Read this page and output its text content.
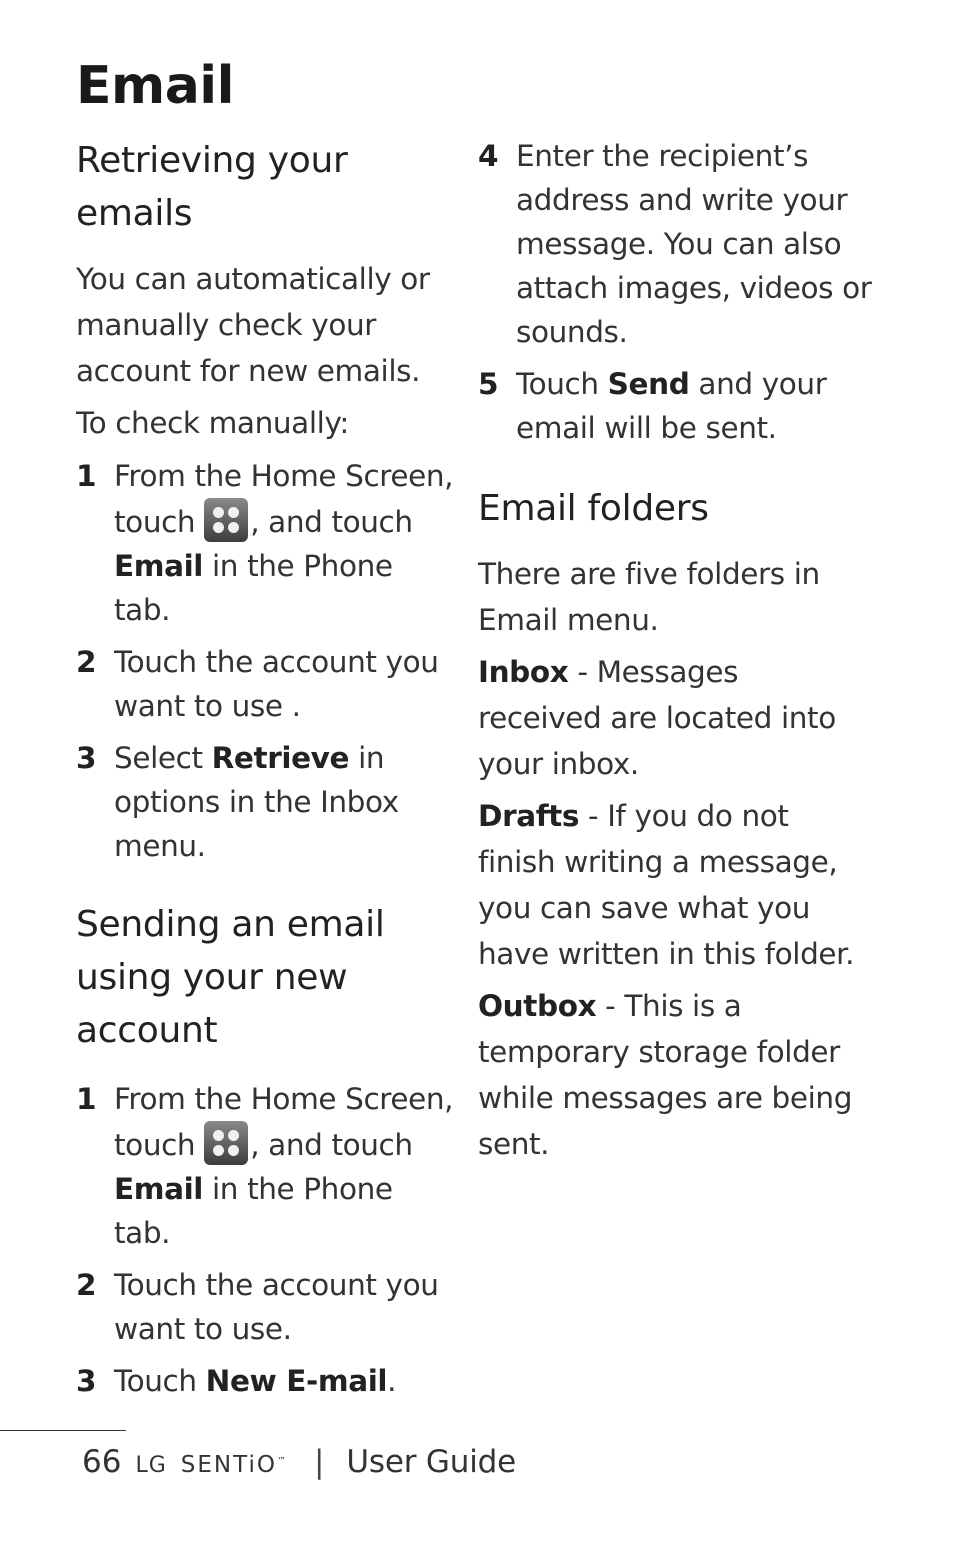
Email
Retrieving your emails

You can automatically or manually check your account for new emails.

To check manually:

1 From the Home Screen, touch
, and touch Email in the Phone tab.
2 Touch the account you want to use .
3 Select Retrieve in options in the Inbox menu.
Sending an email using your new account
1 From the Home Screen, touch
, and touch Email in the Phone tab.
2 Touch the account you want to use.
3 Touch New E-mail.
4 Enter the recipient’s address and write your message. You can also attach images, videos or sounds.
5 Touch Send and your email will be sent.
Email folders

There are five folders in Email menu.

Inbox - Messages received are located into your inbox.

Drafts - If you do not finish writing a message, you can save what you have written in this folder.

Outbox - This is a temporary storage folder while messages are being sent.

66 LG SENTiO™ | User Guide
